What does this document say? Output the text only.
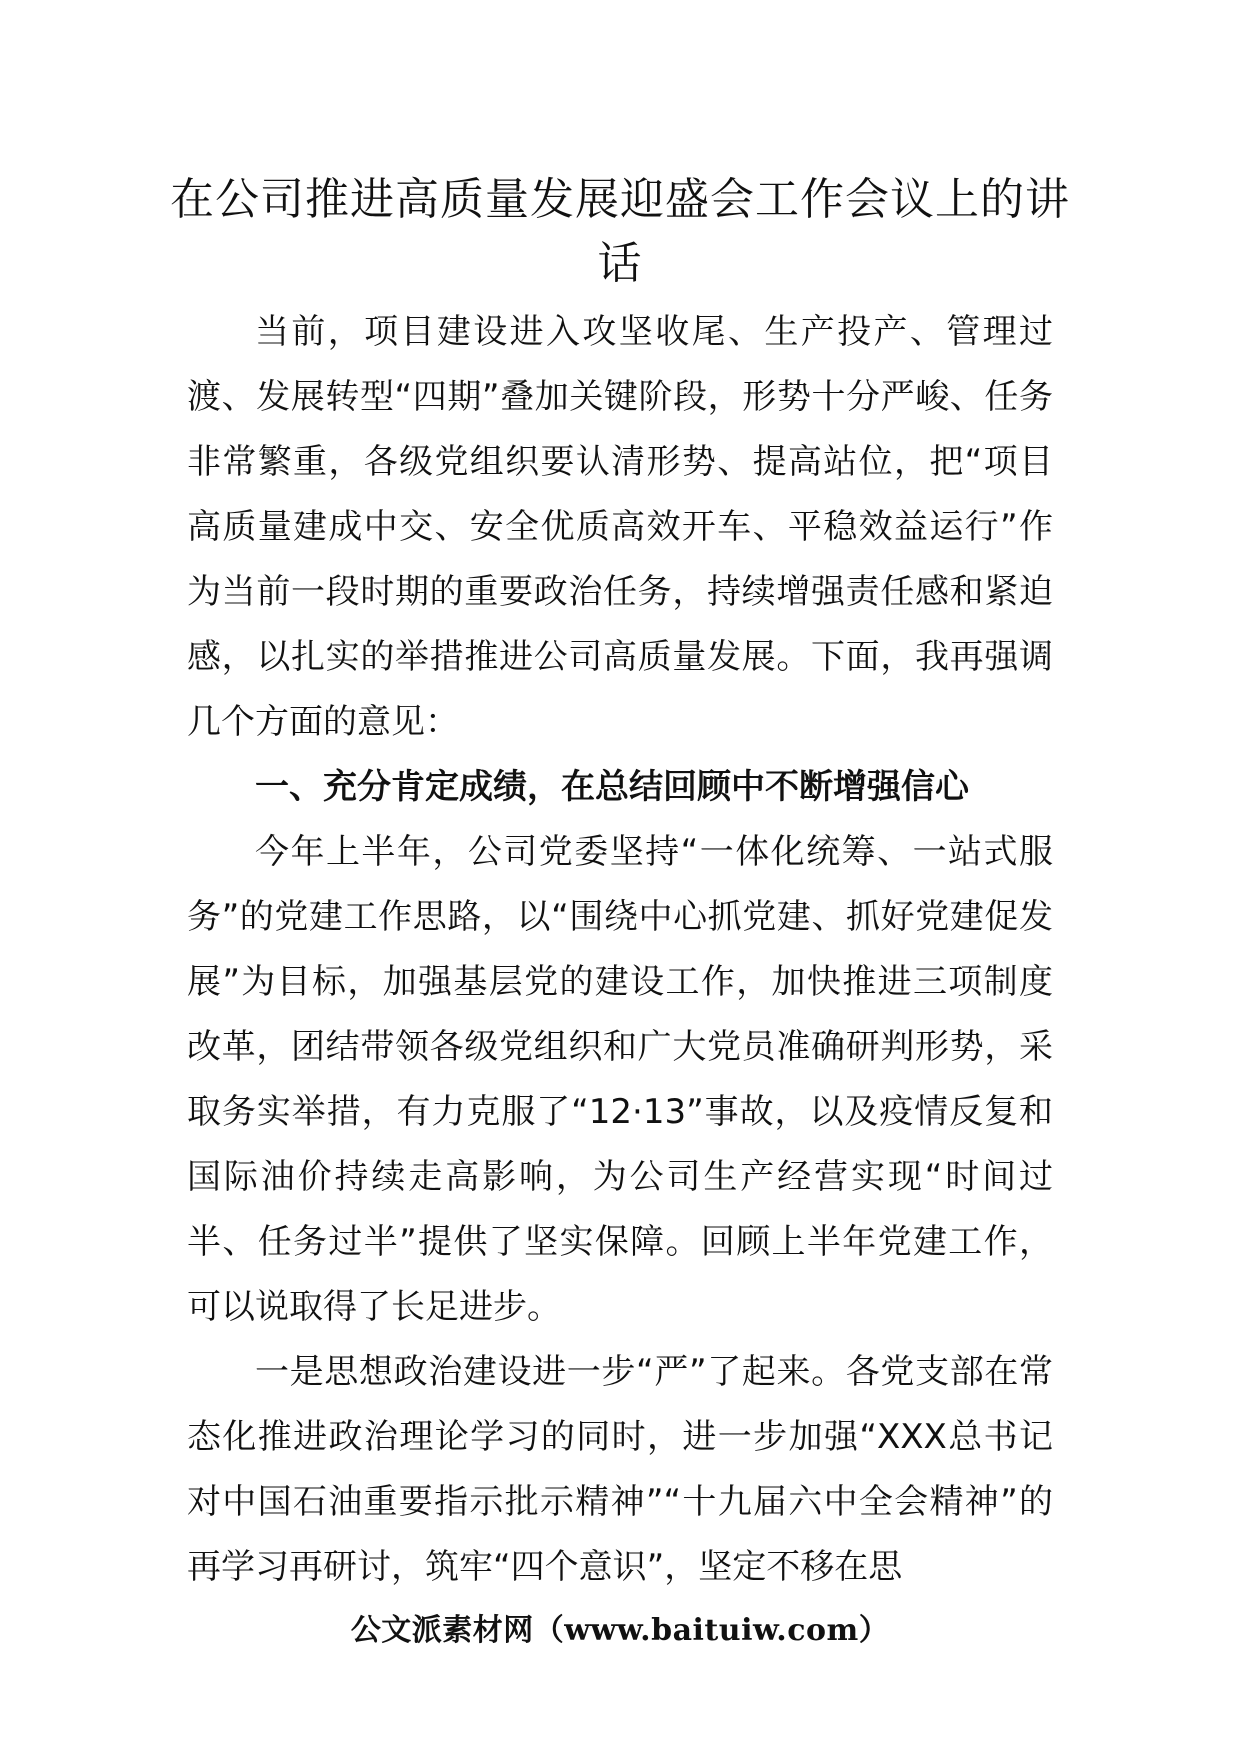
在公司推进高质量发展迎盛会工作会议上的讲话

当前，项目建设进入攻坚收尾、生产投产、管理过渡、发展转型“四期”叠加关键阶段，形势十分严峻、任务非常繁重，各级党组织要认清形势、提高站位，把“项目高质量建成中交、安全优质高效开车、平稳效益运行”作为当前一段时期的重要政治任务，持续增强责任感和紧迫感，以扎实的举措推进公司高质量发展。下面，我再强调几个方面的意见：

一、充分肯定成绩，在总结回顾中不断增强信心

今年上半年，公司党委坚持“一体化统筹、一站式服务”的党建工作思路，以“围绕中心抓党建、抓好党建促发展”为目标，加强基层党的建设工作，加快推进三项制度改革，团结带领各级党组织和广大党员准确研判形势，采取务实举措，有力克服了“12·13”事故，以及疫情反复和国际油价持续走高影响，为公司生产经营实现“时间过半、任务过半”提供了坚实保障。回顾上半年党建工作，可以说取得了长足进步。

一是思想政治建设进一步“严”了起来。各党支部在常态化推进政治理论学习的同时，进一步加强“XXX总书记对中国石油重要指示批示精神”“十九届六中全会精神”的再学习再研讨，筑牢“四个意识”，坚定不移在思

公文派素材网（www.baituiw.com）
